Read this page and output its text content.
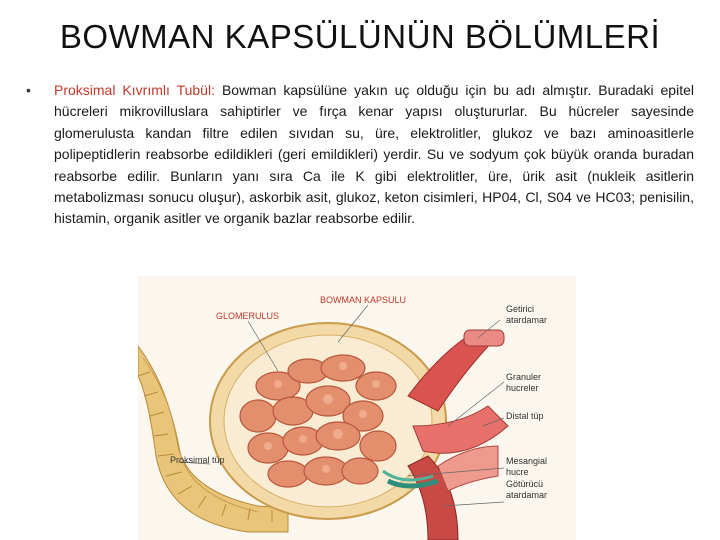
BOWMAN KAPSÜLÜNÜN BÖLÜMLERİ
• Proksimal Kıvrımlı Tubül: Bowman kapsülüne yakın uç olduğu için bu adı almıştır. Buradaki epitel hücreleri mikrovilluslara sahiptirler ve fırça kenar yapısı oluştururlar. Bu hücreler sayesinde glomerulusta kandan filtre edilen sıvıdan su, üre, elektrolitler, glukoz ve bazı aminoasitlerle polipeptidlerin reabsorbe edildikleri (geri emildikleri) yerdir. Su ve sodyum çok büyük oranda buradan reabsorbe edilir. Bunların yanı sıra Ca ile K gibi elektrolitler, üre, ürik asit (nukleik asitlerin metabolizması sonucu oluşur), askorbik asit, glukoz, keton cisimleri, HP04, Cl, S04 ve HC03; penisilin, histamin, organik asitler ve organik bazlar reabsorbe edilir.
BOWMAN KAPSULU
GLOMERULUS
Getirici
atardamar
Granuler
hucreler
Distal tüp
Proksimal tüp	Mesangial
hucre
Götürücü
atardamar
